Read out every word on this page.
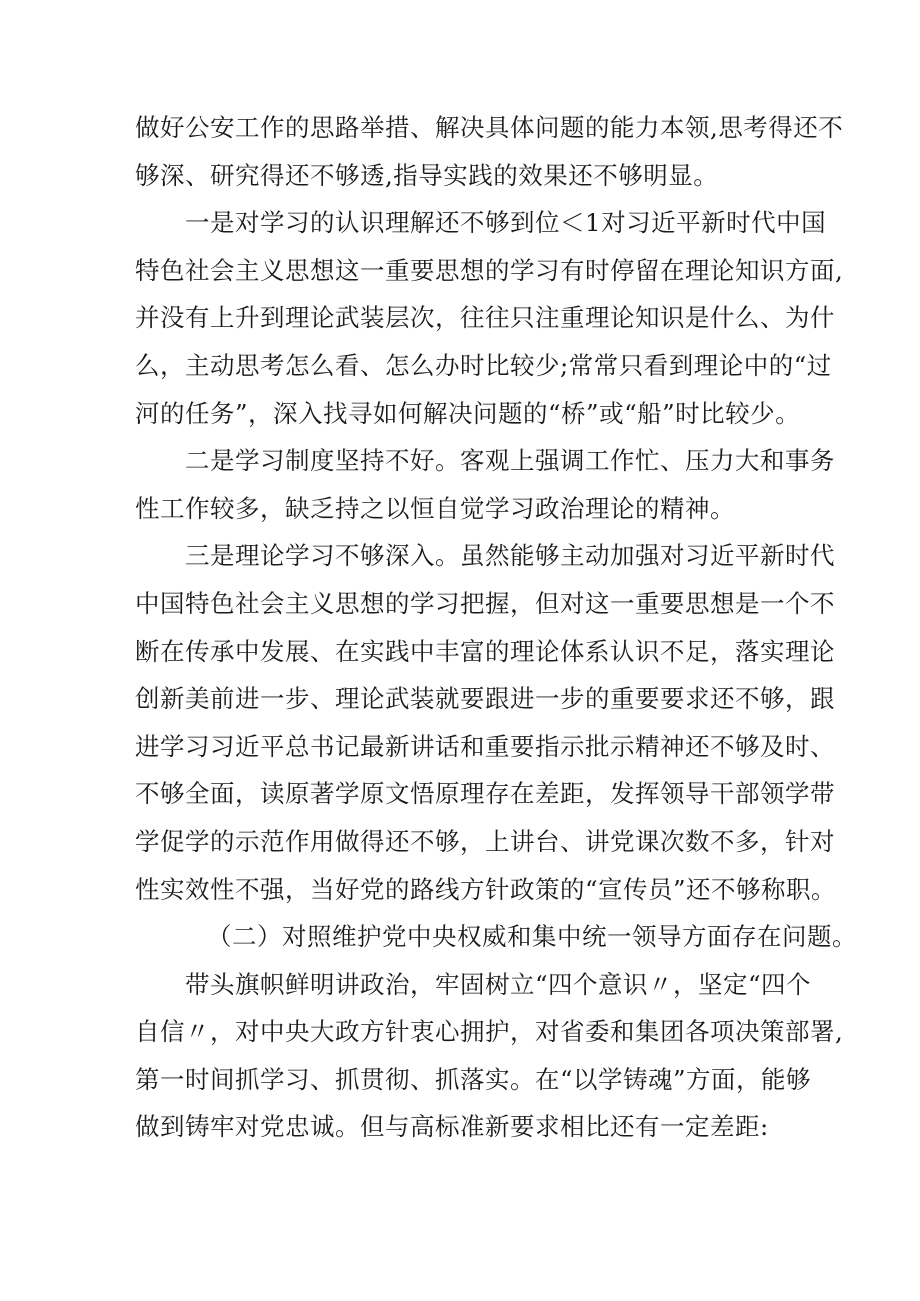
做好公安工作的思路举措、解决具体问题的能力本领,思考得还不
够深、研究得还不够透,指导实践的效果还不够明显。
一是对学习的认识理解还不够到位＜1对习近平新时代中国
特色社会主义思想这一重要思想的学习有时停留在理论知识方面,
并没有上升到理论武装层次，往往只注重理论知识是什么、为什
么，主动思考怎么看、怎么办时比较少;常常只看到理论中的“过
河的任务”，深入找寻如何解决问题的“桥”或“船”时比较少。
二是学习制度坚持不好。客观上强调工作忙、压力大和事务
性工作较多，缺乏持之以恒自觉学习政治理论的精神。
三是理论学习不够深入。虽然能够主动加强对习近平新时代
中国特色社会主义思想的学习把握，但对这一重要思想是一个不
断在传承中发展、在实践中丰富的理论体系认识不足，落实理论
创新美前进一步、理论武装就要跟进一步的重要要求还不够，跟
进学习习近平总书记最新讲话和重要指示批示精神还不够及时、
不够全面，读原著学原文悟原理存在差距，发挥领导干部领学带
学促学的示范作用做得还不够，上讲台、讲党课次数不多，针对
性实效性不强，当好党的路线方针政策的“宣传员”还不够称职。
（二）对照维护党中央权威和集中统一领导方面存在问题。
带头旗帜鲜明讲政治，牢固树立“四个意识〃，坚定“四个
自信〃，对中央大政方针衷心拥护，对省委和集团各项决策部署,
第一时间抓学习、抓贯彻、抓落实。在“以学铸魂”方面，能够
做到铸牢对党忠诚。但与高标准新要求相比还有一定差距:
